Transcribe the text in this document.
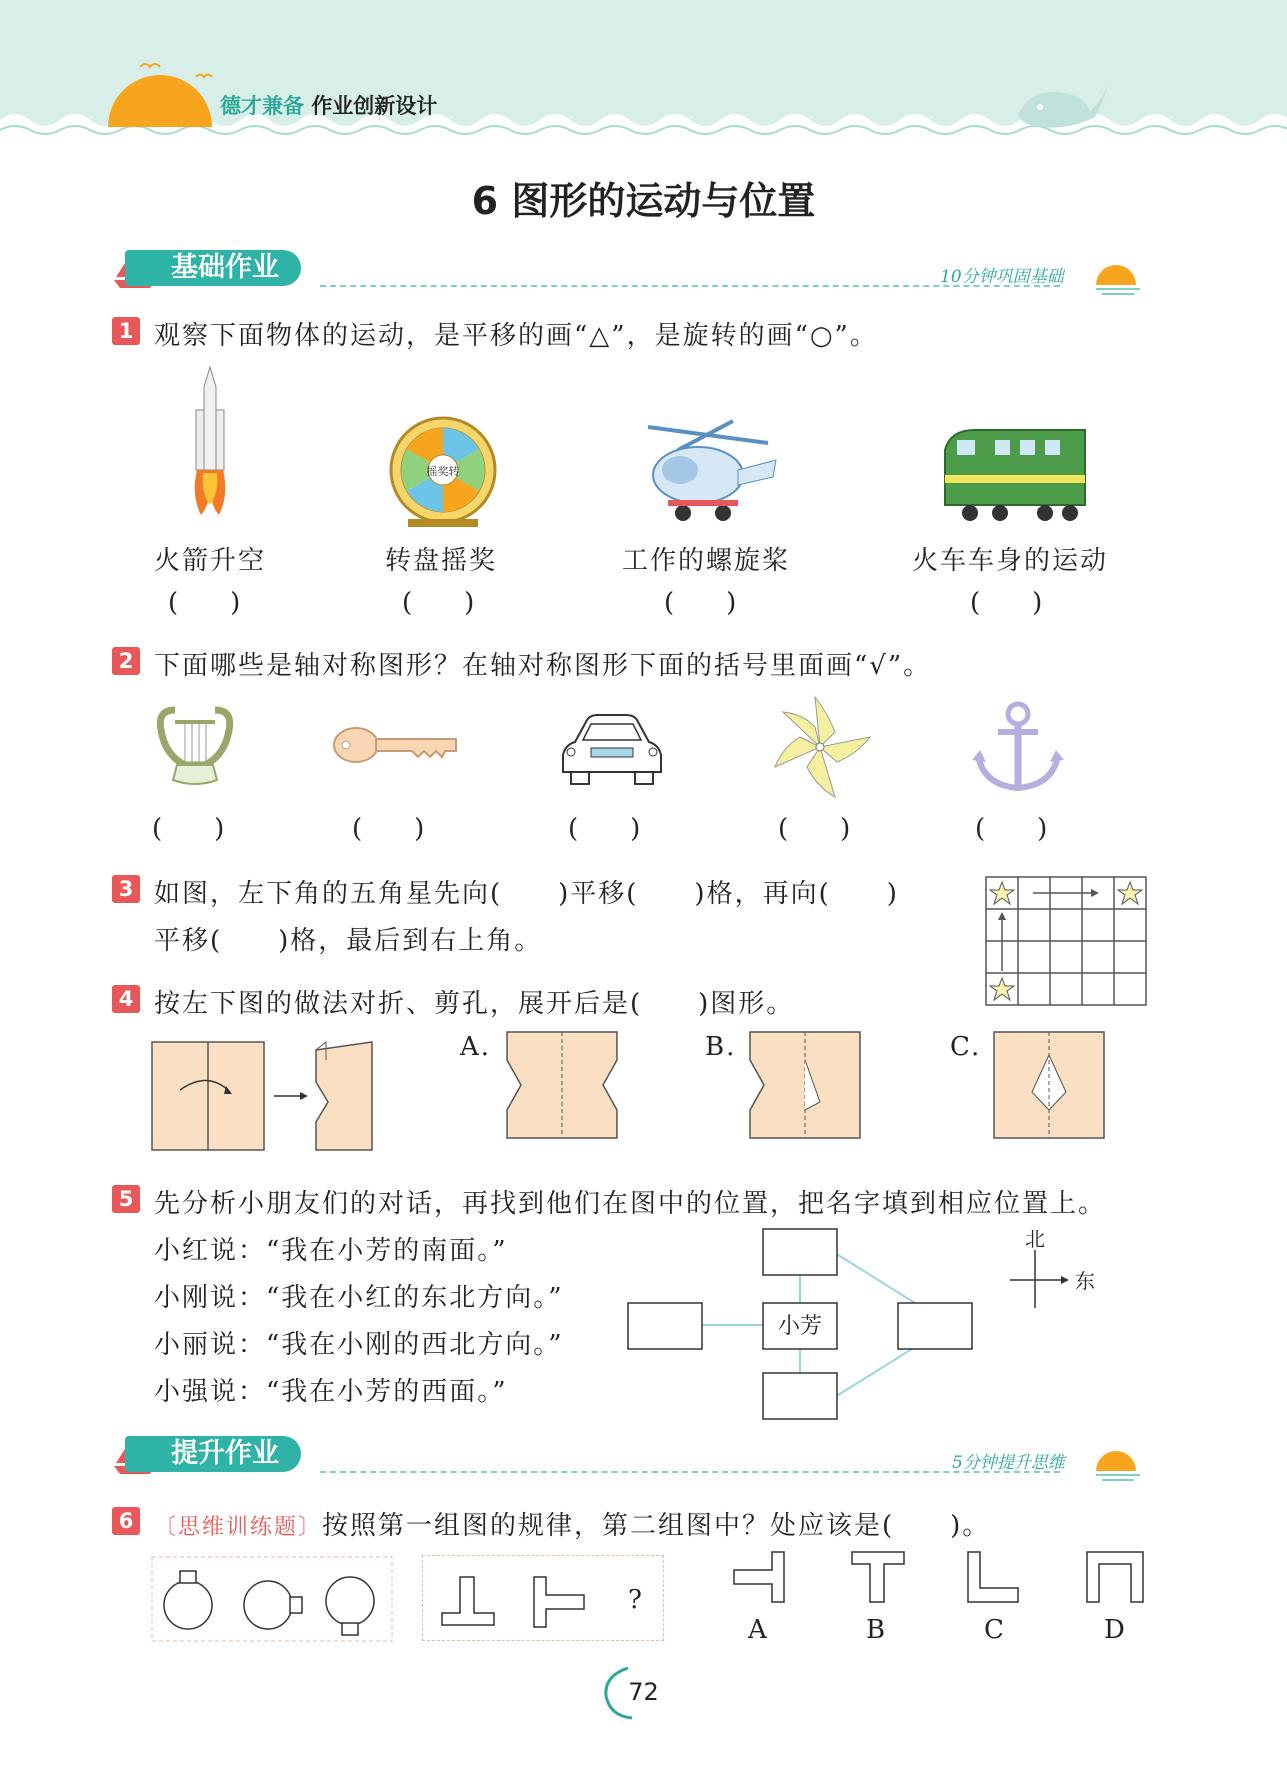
德才兼备 作业创新设计
6 图形的运动与位置
基础作业	10分钟巩固基础
1 观察下面物体的运动，是平移的画“△”，是旋转的画“○”。
摇奖转
火箭升空	转盘摇奖	工作的螺旋桨	火车车身的运动
(　　)	(　　)	(　　)	(　　)
2 下面哪些是轴对称图形？在轴对称图形下面的括号里面画“√”。
(　　)	(　　)	(　　)	(　　)	(　　)
3 如图，左下角的五角星先向(　　)平移(　　)格，再向(　　)
平移(　　)格，最后到右上角。
4 按左下图的做法对折、剪孔，展开后是(　　)图形。
A.	B.	C.
5 先分析小朋友们的对话，再找到他们在图中的位置，把名字填到相应位置上。
小红说：“我在小芳的南面。”
小刚说：“我在小红的东北方向。”
小丽说：“我在小刚的西北方向。”
小强说：“我在小芳的西面。”
小芳
北
东
提升作业	5分钟提升思维
6 〔思维训练题〕按照第一组图的规律，第二组图中？处应该是(　　)。
?
A	B	C	D
72
